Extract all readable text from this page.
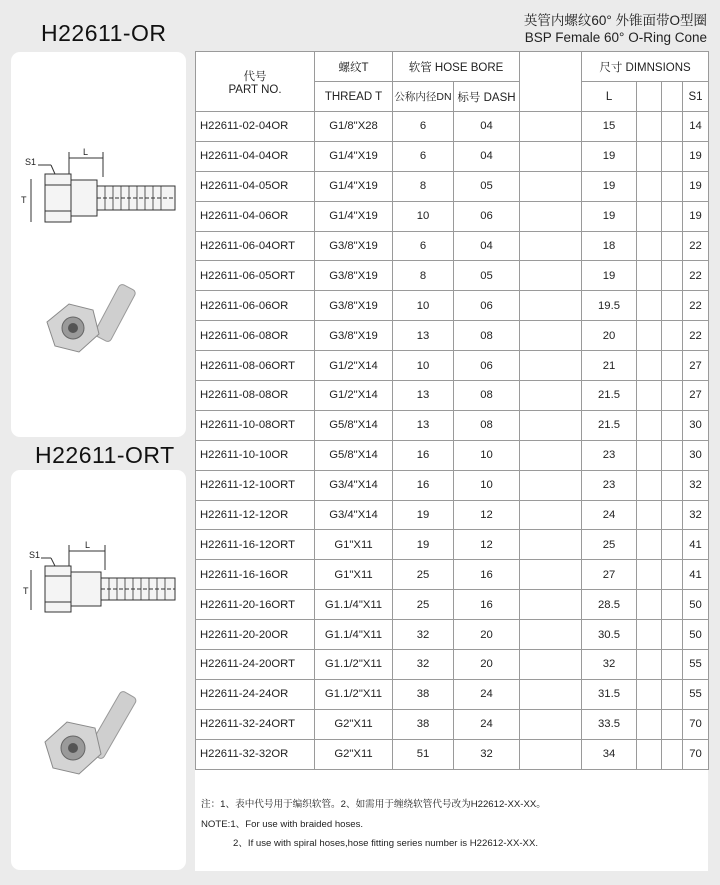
H22611-OR
H22611-ORT
英管内螺纹60° 外锥面带O型圈
BSP Female 60° O-Ring Cone
S1
L
T
S1
L
T
代号
PART NO.	螺纹T	软管 HOSE BORE			尺寸 DIMNSIONS			
	THREAD T	公称内径DN	标号 DASH		L			S1
H22611-02-04OR	G1/8"X28	6	04		15			14
H22611-04-04OR	G1/4"X19	6	04		19			19
H22611-04-05OR	G1/4"X19	8	05		19			19
H22611-04-06OR	G1/4"X19	10	06		19			19
H22611-06-04ORT	G3/8"X19	6	04		18			22
H22611-06-05ORT	G3/8"X19	8	05		19			22
H22611-06-06OR	G3/8"X19	10	06		19.5			22
H22611-06-08OR	G3/8"X19	13	08		20			22
H22611-08-06ORT	G1/2"X14	10	06		21			27
H22611-08-08OR	G1/2"X14	13	08		21.5			27
H22611-10-08ORT	G5/8"X14	13	08		21.5			30
H22611-10-10OR	G5/8"X14	16	10		23			30
H22611-12-10ORT	G3/4"X14	16	10		23			32
H22611-12-12OR	G3/4"X14	19	12		24			32
H22611-16-12ORT	G1"X11	19	12		25			41
H22611-16-16OR	G1"X11	25	16		27			41
H22611-20-16ORT	G1.1/4"X11	25	16		28.5			50
H22611-20-20OR	G1.1/4"X11	32	20		30.5			50
H22611-24-20ORT	G1.1/2"X11	32	20		32			55
H22611-24-24OR	G1.1/2"X11	38	24		31.5			55
H22611-32-24ORT	G2"X11	38	24		33.5			70
H22611-32-32OR	G2"X11	51	32		34			70
注：1、表中代号用于编织软管。2、如需用于缠绕软管代号改为H22612-XX-XX。
NOTE:1、For use with braided hoses.
2、If use with spiral hoses,hose fitting series number is H22612-XX-XX.
